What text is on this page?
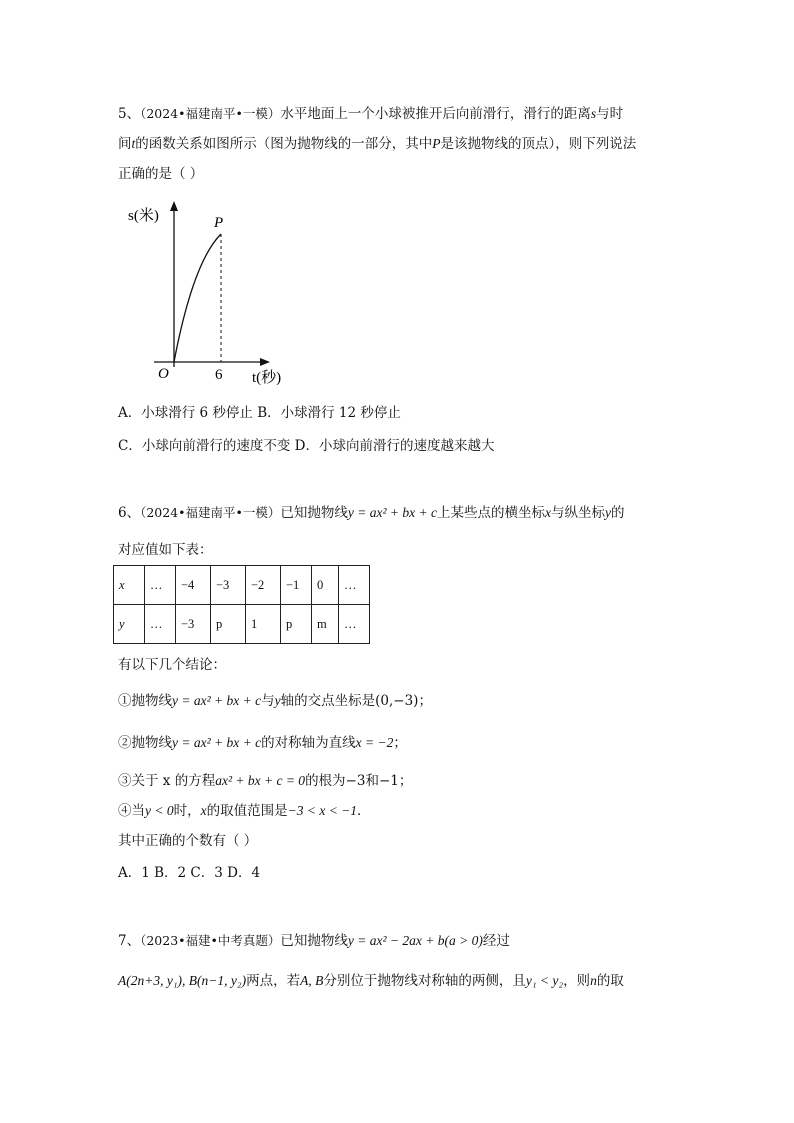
5、（2024•福建南平•一模）水平地面上一个小球被推开后向前滑行，滑行的距离s与时
间t的函数关系如图所示（图为抛物线的一部分，其中P是该抛物线的顶点），则下列说法
正确的是（ ）
s(米)	P
O	6 t(秒)
A．小球滑行 6 秒停止 B．小球滑行 12 秒停止
C．小球向前滑行的速度不变 D．小球向前滑行的速度越来越大
6、（2024•福建南平•一模）已知抛物线y = ax² + bx + c上某些点的横坐标x与纵坐标y的
对应值如下表：
x	…	−4	−3	−2	−1	0	…
y	…	−3	p	1	p	m	…
有以下几个结论：
①抛物线y = ax² + bx + c与y轴的交点坐标是(0,−3)；
②抛物线y = ax² + bx + c的对称轴为直线x = −2；
③关于 x 的方程ax² + bx + c = 0的根为−3和−1；
④当y < 0时，x的取值范围是−3 < x < −1．
其中正确的个数有（ ）
A．1 B．2 C．3 D．4
7、（2023•福建•中考真题）已知抛物线y = ax² − 2ax + b(a > 0)经过
A(2n+3, y₁), B(n−1, y₂)两点，若A, B分别位于抛物线对称轴的两侧，且y₁ < y₂，则n的取
